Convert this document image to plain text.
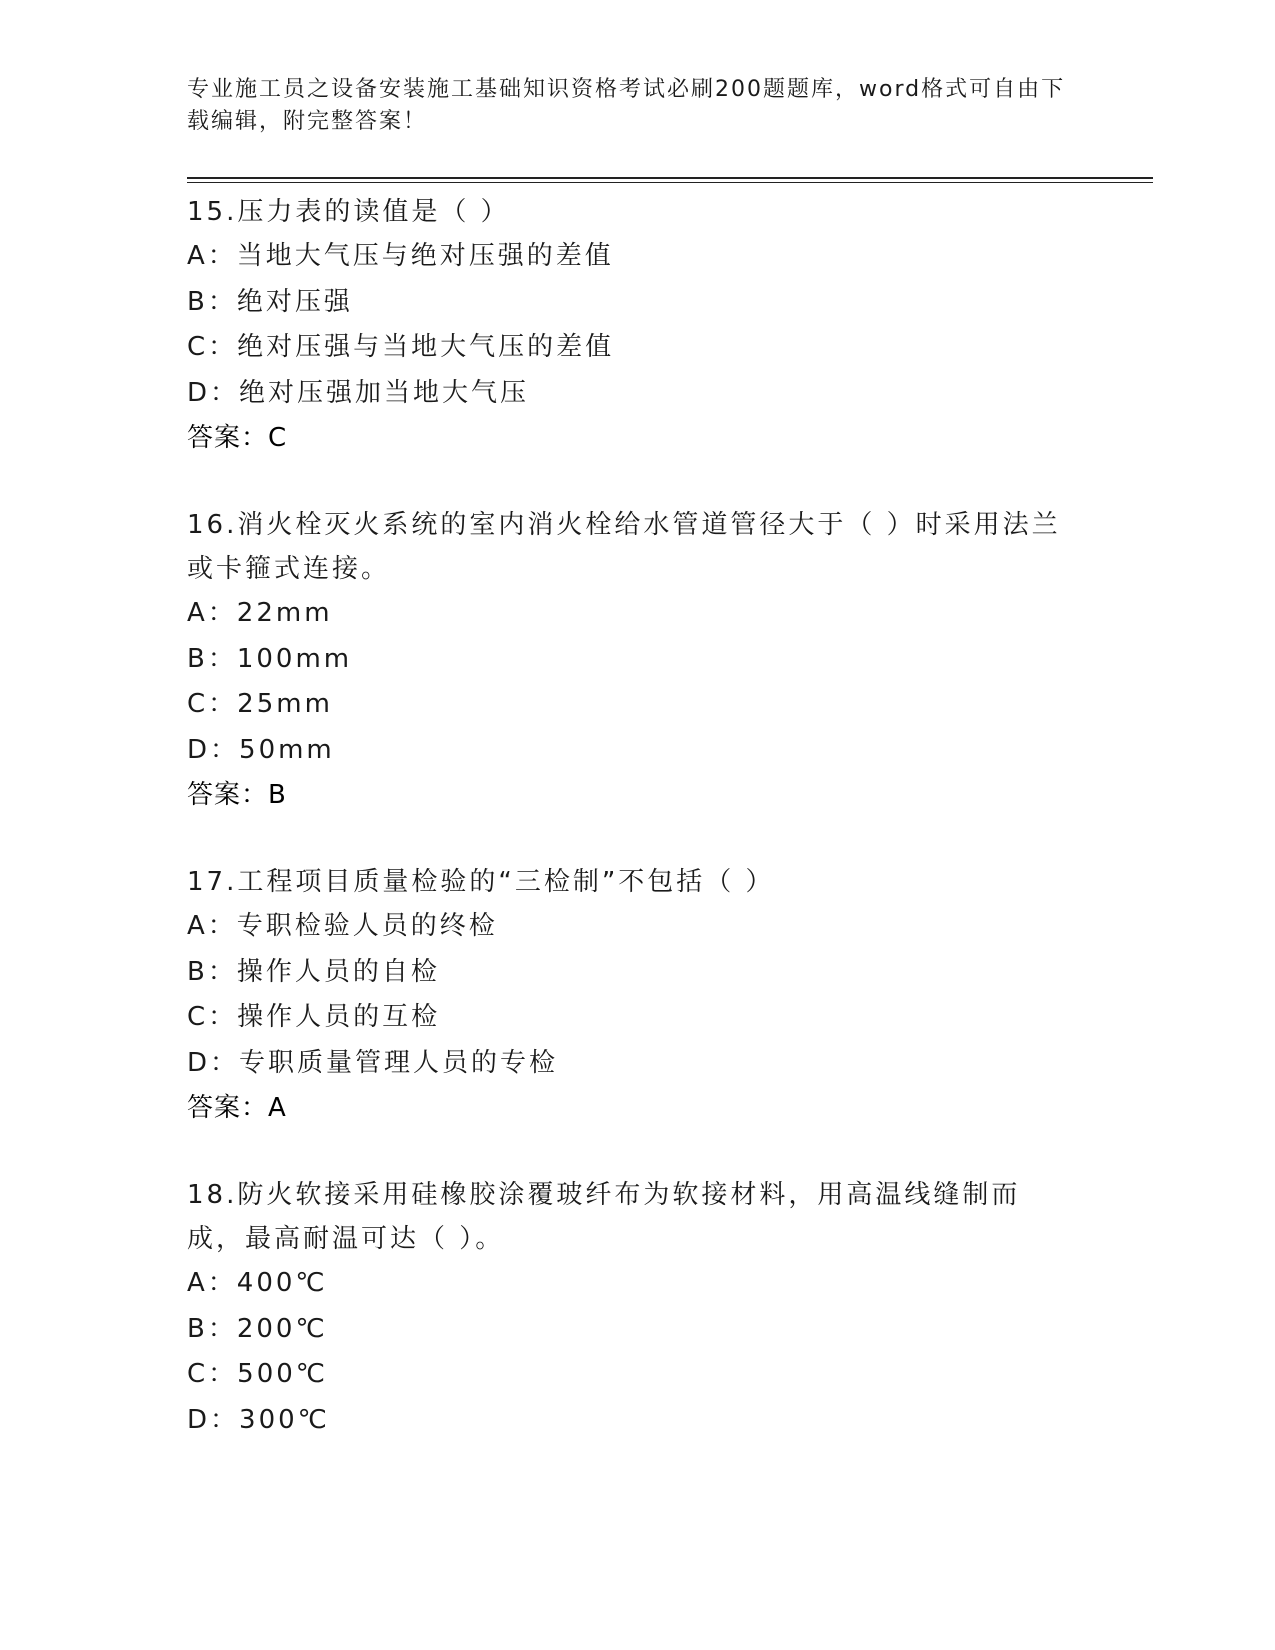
专业施工员之设备安装施工基础知识资格考试必刷200题题库，word格式可自由下载编辑，附完整答案！
15.压力表的读值是（ ）
A：当地大气压与绝对压强的差值
B：绝对压强
C：绝对压强与当地大气压的差值
D：绝对压强加当地大气压
答案：C
16.消火栓灭火系统的室内消火栓给水管道管径大于（ ）时采用法兰或卡箍式连接。
A：22mm
B：100mm
C：25mm
D：50mm
答案：B
17.工程项目质量检验的“三检制”不包括（ ）
A：专职检验人员的终检
B：操作人员的自检
C：操作人员的互检
D：专职质量管理人员的专检
答案：A
18.防火软接采用硅橡胶涂覆玻纤布为软接材料，用高温线缝制而成，最高耐温可达（ ）。
A：400℃
B：200℃
C：500℃
D：300℃
